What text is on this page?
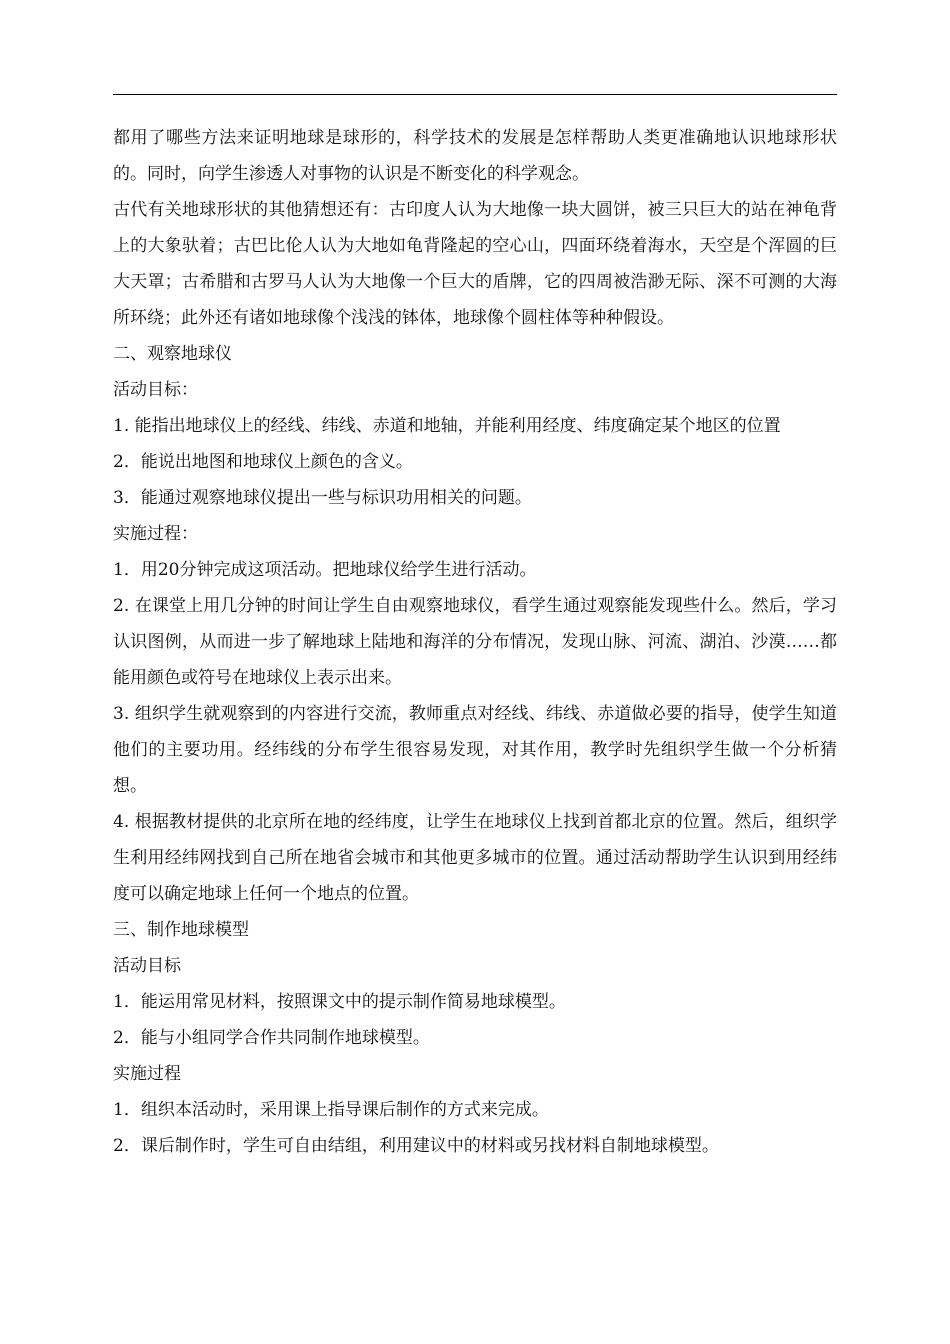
都用了哪些方法来证明地球是球形的，科学技术的发展是怎样帮助人类更准确地认识地球形状的。同时，向学生渗透人对事物的认识是不断变化的科学观念。

古代有关地球形状的其他猜想还有：古印度人认为大地像一块大圆饼，被三只巨大的站在神龟背上的大象驮着；古巴比伦人认为大地如龟背隆起的空心山，四面环绕着海水，天空是个浑圆的巨大天罩；古希腊和古罗马人认为大地像一个巨大的盾牌，它的四周被浩渺无际、深不可测的大海所环绕；此外还有诸如地球像个浅浅的钵体，地球像个圆柱体等种种假设。

二、观察地球仪

活动目标：

1. 能指出地球仪上的经线、纬线、赤道和地轴，并能利用经度、纬度确定某个地区的位置

2．能说出地图和地球仪上颜色的含义。

3．能通过观察地球仪提出一些与标识功用相关的问题。

实施过程：

1．用20分钟完成这项活动。把地球仪给学生进行活动。

2. 在课堂上用几分钟的时间让学生自由观察地球仪，看学生通过观察能发现些什么。然后，学习认识图例，从而进一步了解地球上陆地和海洋的分布情况，发现山脉、河流、湖泊、沙漠……都能用颜色或符号在地球仪上表示出来。

3. 组织学生就观察到的内容进行交流，教师重点对经线、纬线、赤道做必要的指导，使学生知道他们的主要功用。经纬线的分布学生很容易发现，对其作用，教学时先组织学生做一个分析猜想。

4. 根据教材提供的北京所在地的经纬度，让学生在地球仪上找到首都北京的位置。然后，组织学生利用经纬网找到自己所在地省会城市和其他更多城市的位置。通过活动帮助学生认识到用经纬度可以确定地球上任何一个地点的位置。

三、制作地球模型

活动目标

1．能运用常见材料，按照课文中的提示制作简易地球模型。

2．能与小组同学合作共同制作地球模型。

实施过程

1．组织本活动时，采用课上指导课后制作的方式来完成。

2．课后制作时，学生可自由结组，利用建议中的材料或另找材料自制地球模型。
